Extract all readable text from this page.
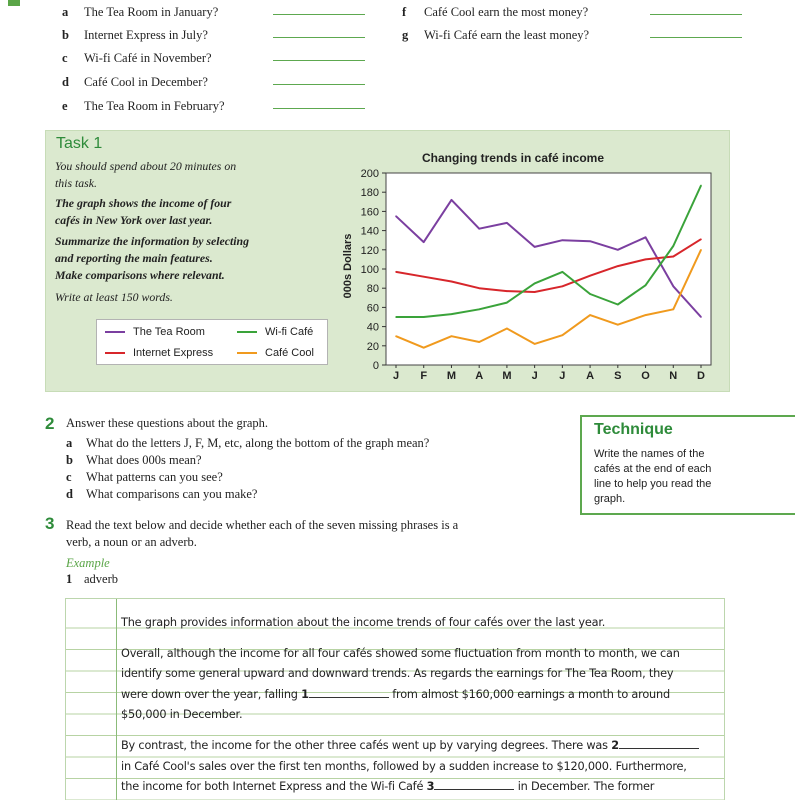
a	The Tea Room in January?
b	Internet Express in July?
c	Wi-fi Café in November?
d	Café Cool in December?
e	The Tea Room in February?
f	Café Cool earn the most money?
g	Wi-fi Café earn the least money?
Task 1
You should spend about 20 minutes on
this task.
The graph shows the income of four
cafés in New York over last year.
Summarize the information by selecting
and reporting the main features.
Make comparisons where relevant.
Write at least 150 words.
The Tea Room	Wi-fi Café
Internet Express	Café Cool
Changing trends in café income
000s Dollars
0
20
40
60
80
100
120
140
160
180
200
J F M A M J J A S O N D
2 Answer these questions about the graph.
a What do the letters J, F, M, etc, along the bottom of the graph mean?
b What does 000s mean?
c What patterns can you see?
d What comparisons can you make?
Technique
Write the names of the
cafés at the end of each
line to help you read the
graph.
3 Read the text below and decide whether each of the seven missing phrases is a
verb, a noun or an adverb.
Example
1 adverb
The graph provides information about the income trends of four cafés over the last year.
Overall, although the income for all four cafés showed some fluctuation from month to month, we can
identify some general upward and downward trends. As regards the earnings for The Tea Room, they
were down over the year, falling 1	from almost $160,000 earnings a month to around
$50,000 in December.
By contrast, the income for the other three cafés went up by varying degrees. There was 2
in Café Cool's sales over the first ten months, followed by a sudden increase to $120,000. Furthermore,
the income for both Internet Express and the Wi-fi Café 3	in December. The former
